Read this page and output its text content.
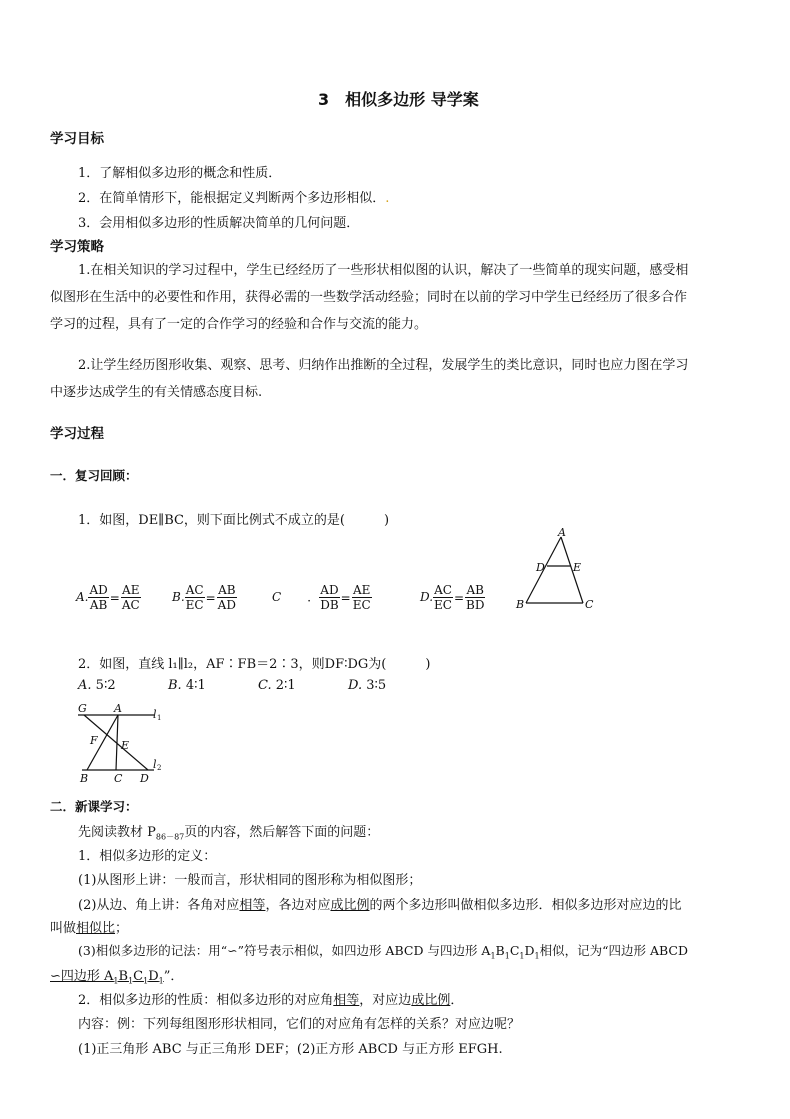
3　相似多边形 导学案
学习目标
1．了解相似多边形的概念和性质．
2．在简单情形下，能根据定义判断两个多边形相似．.
3．会用相似多边形的性质解决简单的几何问题．
学习策略
1.在相关知识的学习过程中，学生已经经历了一些形状相似图的认识，解决了一些简单的现实问题，感受相
似图形在生活中的必要性和作用，获得必需的一些数学活动经验；同时在以前的学习中学生已经经历了很多合作
学习的过程，具有了一定的合作学习的经验和合作与交流的能力。
2.让学生经历图形收集、观察、思考、归纳作出推断的全过程，发展学生的类比意识，同时也应力图在学习
中逐步达成学生的有关情感态度目标.
学习过程
一．复习回顾：
1．如图，DE∥BC，则下面比例式不成立的是(　　　)
A. $\frac{AD}{AB} = \frac{AE}{AC}$	B. $\frac{AC}{EC} = \frac{AB}{AD}$	C ． $\frac{AD}{DB} = \frac{AE}{EC}$	D. $\frac{AC}{EC} = \frac{AB}{BD}$
A
D	E
B	C
2．如图，直线 l₁∥l₂，AF∶FB＝2∶3，则DF∶DG为(　　　)
A. 5∶2	B. 4∶1	C. 2∶1	D. 3∶5
G A	l 1
F E
B C D
l 2
二．新课学习：
先阅读教材 $P_{86-87}$页的内容，然后解答下面的问题：
1．相似多边形的定义：
(1)从图形上讲：一般而言，形状相同的图形称为相似图形；
(2)从边、角上讲：各角对应相等，各边对应成比例的两个多边形叫做相似多边形．相似多边形对应边的比
叫做相似比；
(3)相似多边形的记法：用“∽”符号表示相似，如四边形 ABCD 与四边形 $A_1B_1C_1D_1$相似，记为“四边形 ABCD
∽四边形 $A_1B_1C_1D_1$”．
2．相似多边形的性质：相似多边形的对应角相等，对应边成比例．
内容：例：下列每组图形形状相同，它们的对应角有怎样的关系？对应边呢？
(1)正三角形 ABC 与正三角形 DEF；(2)正方形 ABCD 与正方形 EFGH.
